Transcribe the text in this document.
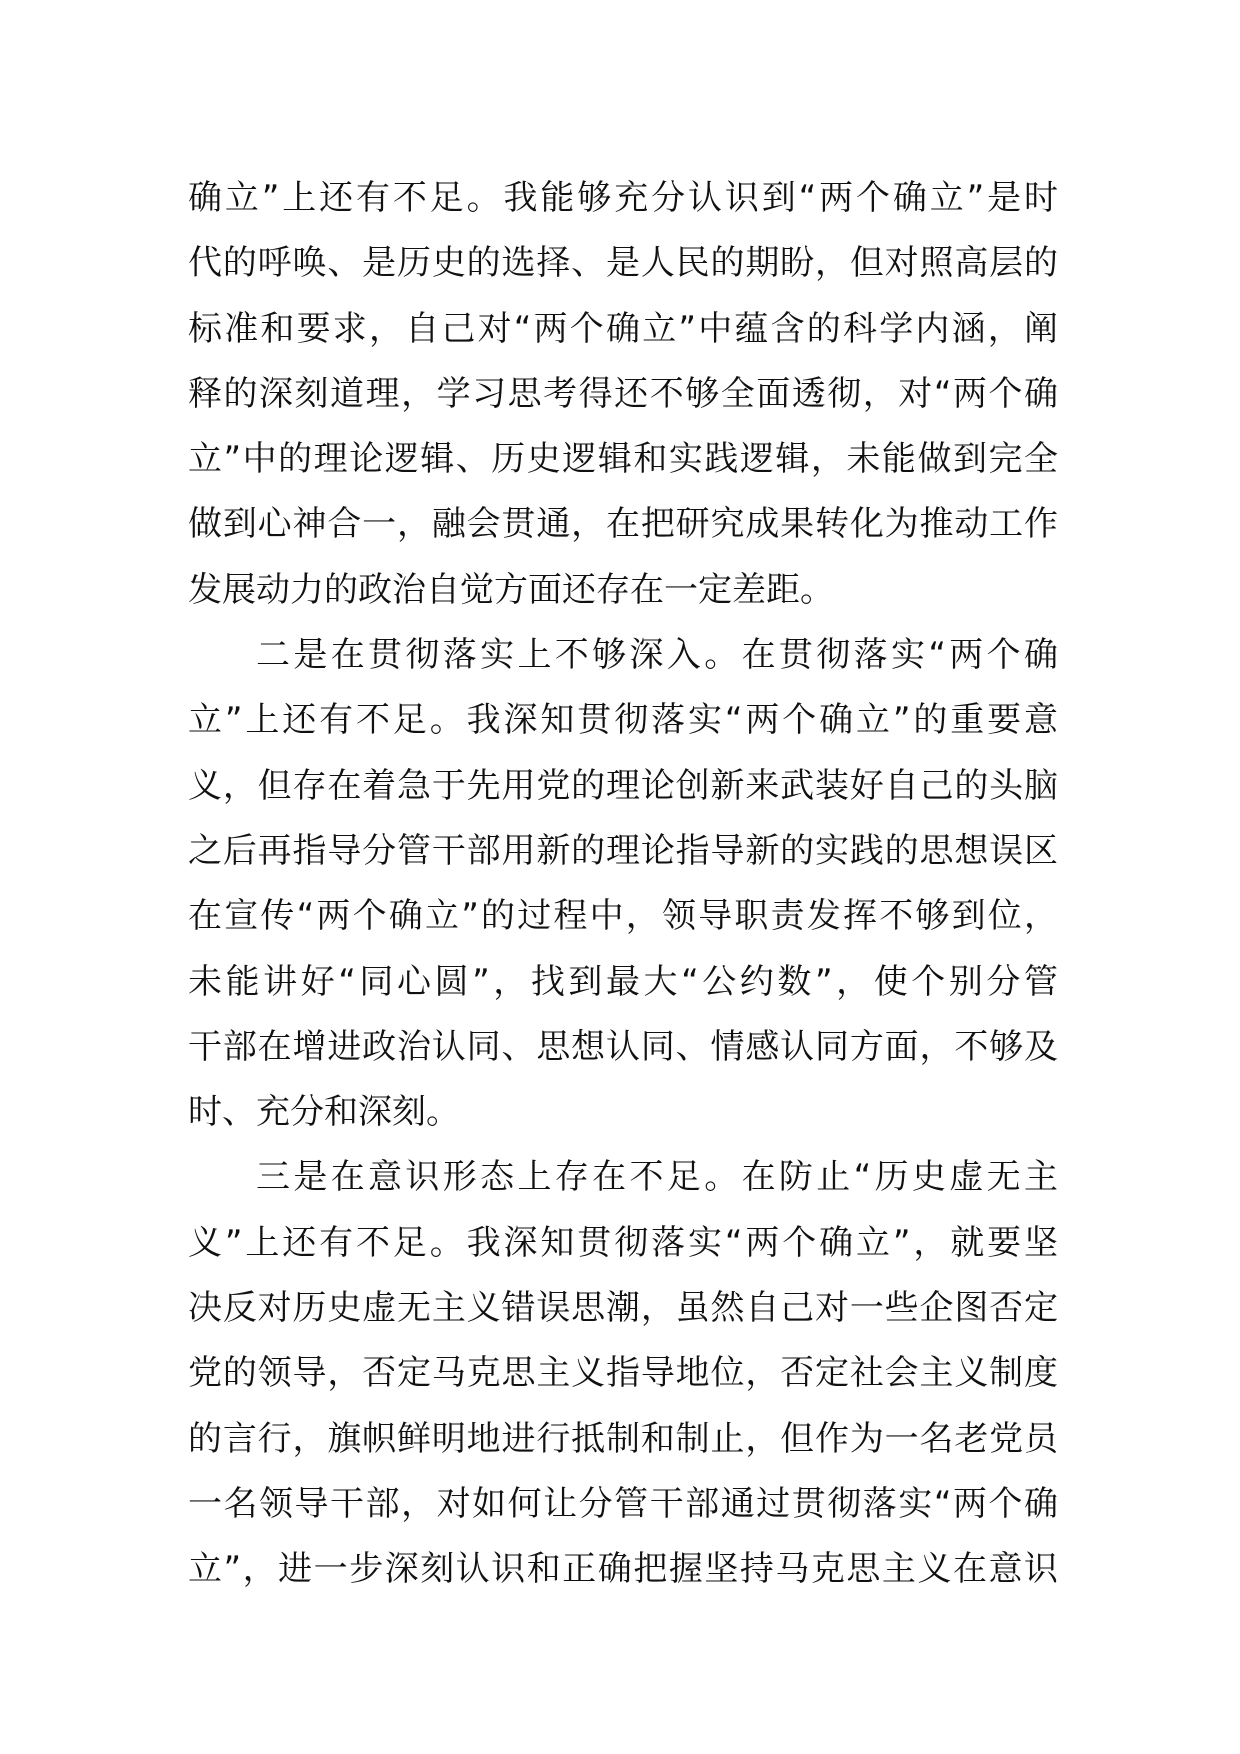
确立”上还有不足。我能够充分认识到“两个确立”是时
代的呼唤、是历史的选择、是人民的期盼，但对照高层的
标准和要求，自己对“两个确立”中蕴含的科学内涵，阐
释的深刻道理，学习思考得还不够全面透彻，对“两个确
立”中的理论逻辑、历史逻辑和实践逻辑，未能做到完全
做到心神合一，融会贯通，在把研究成果转化为推动工作
发展动力的政治自觉方面还存在一定差距。
二是在贯彻落实上不够深入。在贯彻落实“两个确
立”上还有不足。我深知贯彻落实“两个确立”的重要意
义，但存在着急于先用党的理论创新来武装好自己的头脑
之后再指导分管干部用新的理论指导新的实践的思想误区
在宣传“两个确立”的过程中，领导职责发挥不够到位，
未能讲好“同心圆”，找到最大“公约数”，使个别分管
干部在增进政治认同、思想认同、情感认同方面，不够及
时、充分和深刻。
三是在意识形态上存在不足。在防止“历史虚无主
义”上还有不足。我深知贯彻落实“两个确立”，就要坚
决反对历史虚无主义错误思潮，虽然自己对一些企图否定
党的领导，否定马克思主义指导地位，否定社会主义制度
的言行，旗帜鲜明地进行抵制和制止，但作为一名老党员
一名领导干部，对如何让分管干部通过贯彻落实“两个确
立”，进一步深刻认识和正确把握坚持马克思主义在意识
